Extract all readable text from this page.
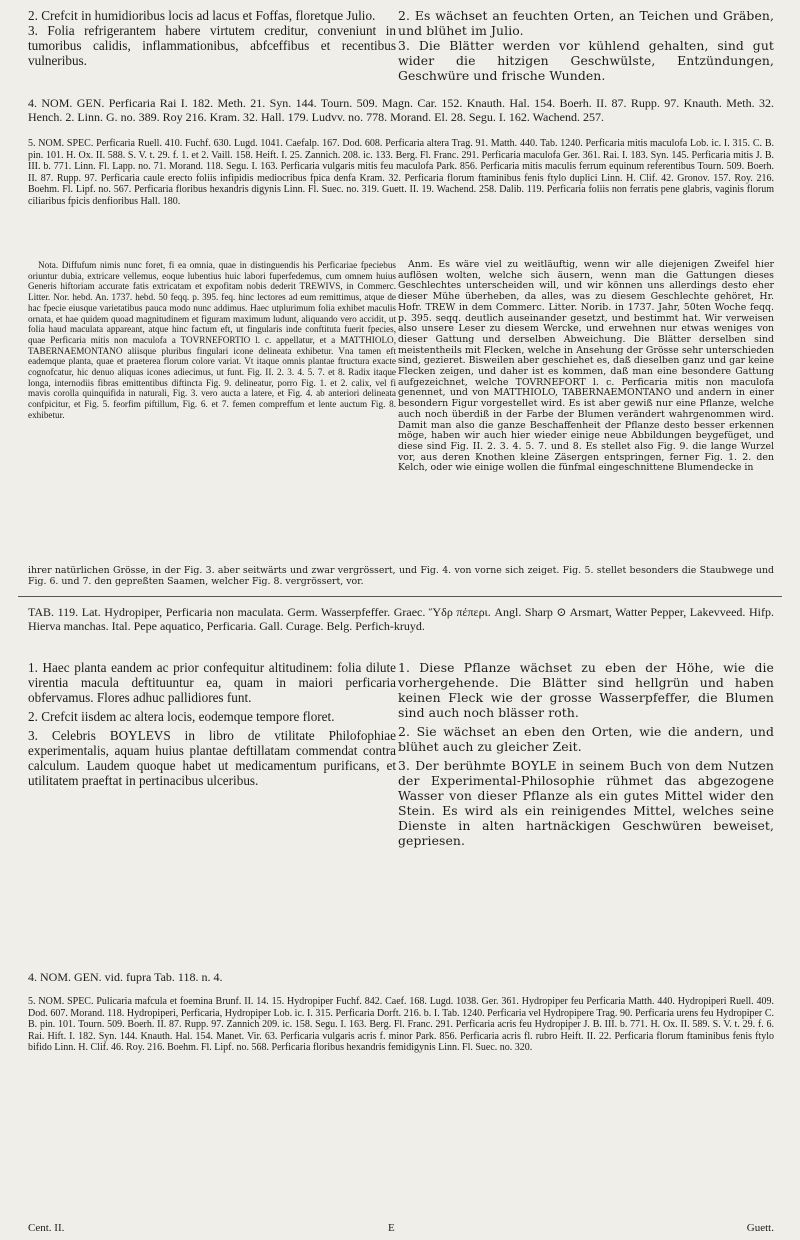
2. Crefcit in humidioribus locis ad lacus et Foffas, floretque Julio.

3. Folia refrigerantem habere virtutem creditur, conveniunt in tumoribus calidis, inflammationibus, abfceffibus et recentibus vulneribus.

2. Es wächset an feuchten Orten, an Teichen und Gräben, und blühet im Julio.

3. Die Blätter werden vor kühlend gehalten, sind gut wider die hitzigen Geschwülste, Entzündungen, Geschwüre und frische Wunden.

4. NOM. GEN. Perficaria Rai I. 182. Meth. 21. Syn. 144. Tourn. 509. Magn. Car. 152. Knauth. Hal. 154. Boerh. II. 87. Rupp. 97. Knauth. Meth. 32. Hench. 2. Linn. G. no. 389. Roy 216. Kram. 32. Hall. 179. Ludvv. no. 778. Morand. El. 28. Segu. I. 162. Wachend. 257.

5. NOM. SPEC. Perficaria Ruell. 410. Fuchf. 630. Lugd. 1041. Caefalp. 167. Dod. 608. Perficaria altera Trag. 91. Matth. 440. Tab. 1240. Perficaria mitis maculofa Lob. ic. I. 315. C. B. pin. 101. H. Ox. II. 588. S. V. t. 29. f. 1. et 2. Vaill. 158. Heift. I. 25. Zannich. 208. ic. 133. Berg. Fl. Franc. 291. Perficaria maculofa Ger. 361. Rai. I. 183. Syn. 145. Perficaria mitis J. B. III. b. 771. Linn. Fl. Lapp. no. 71. Morand. 118. Segu. I. 163. Perficaria vulgaris mitis feu maculofa Park. 856. Perficaria mitis maculis ferrum equinum referentibus Tourn. 509. Boerh. II. 87. Rupp. 97. Perficaria caule erecto foliis infipidis mediocribus fpica denfa Kram. 32. Perficaria florum ftaminibus fenis ftylo duplici Linn. H. Clif. 42. Gronov. 157. Roy. 216. Boehm. Fl. Lipf. no. 567. Perficaria floribus hexandris digynis Linn. Fl. Suec. no. 319. Guett. II. 19. Wachend. 258. Dalib. 119. Perficaria foliis non ferratis pene glabris, vaginis florum ciliaribus fpicis denfioribus Hall. 180.

Nota. Diffufum nimis nunc foret, fi ea omnia, quae in distinguendis his Perficariae fpeciebus oriuntur dubia, extricare vellemus, eoque lubentius huic labori fuperfedemus, cum omnem huius Generis hiftoriam accurate fatis extricatam et expofitam nobis dederit TREWIVS, in Commerc. Litter. Nor. hebd. An. 1737. hebd. 50 feqq. p. 395. feq. hinc lectores ad eum remittimus, atque de hac fpecie eiusque varietatibus pauca modo nunc addimus. Haec utplurimum folia exhibet maculis ornata, et hae quidem quoad magnitudinem et figuram maximum ludunt, aliquando vero accidit, ut folia haud maculata appareant, atque hinc factum eft, ut fingularis inde conftituta fuerit fpecies, quae Perficaria mitis non maculofa a TOVRNEFORTIO l. c. appellatur, et a MATTHIOLO, TABERNAEMONTANO aliisque pluribus fingulari icone delineata exhibetur. Vna tamen eft eademque planta, quae et praeterea florum colore variat. Vt itaque omnis plantae ftructura exacte cognofcatur, hic denuo aliquas icones adiecimus, ut funt. Fig. II. 2. 3. 4. 5. 7. et 8. Radix itaque longa, internodiis fibras emittentibus diftincta Fig. 9. delineatur, porro Fig. 1. et 2. calix, vel fi mavis corolla quinquifida in naturali, Fig. 3. vero aucta a latere, et Fig. 4. ab anteriori delineata confpicitur, et Fig. 5. feorfim piftillum, Fig. 6. et 7. femen compreffum et lente auctum Fig. 8. exhibetur.

Anm. Es wäre viel zu weitläuftig, wenn wir alle diejenigen Zweifel hier auflösen wolten, welche sich äusern, wenn man die Gattungen dieses Geschlechtes unterscheiden will, und wir können uns allerdings desto eher dieser Mühe überheben, da alles, was zu diesem Geschlechte gehöret, Hr. Hofr. TREW in dem Commerc. Litter. Norib. in 1737. Jahr, 50ten Woche feqq. p. 395. seqq. deutlich auseinander gesetzt, und bestimmt hat. Wir verweisen also unsere Leser zu diesem Wercke, und erwehnen nur etwas weniges von dieser Gattung und derselben Abweichung. Die Blätter derselben sind meistentheils mit Flecken, welche in Ansehung der Grösse sehr unterschieden sind, gezieret. Bisweilen aber geschiehet es, daß dieselben ganz und gar keine Flecken zeigen, und daher ist es kommen, daß man eine besondere Gattung aufgezeichnet, welche TOVRNEFORT l. c. Perficaria mitis non maculofa genennet, und von MATTHIOLO, TABERNAEMONTANO und andern in einer besondern Figur vorgestellet wird. Es ist aber gewiß nur eine Pflanze, welche auch noch überdiß in der Farbe der Blumen verändert wahrgenommen wird. Damit man also die ganze Beschaffenheit der Pflanze desto besser erkennen möge, haben wir auch hier wieder einige neue Abbildungen beygefüget, und diese sind Fig. II. 2. 3. 4. 5. 7. und 8. Es stellet also Fig. 9. die lange Wurzel vor, aus deren Knothen kleine Zäsergen entspringen, ferner Fig. 1. 2. den Kelch, oder wie einige wollen die fünfmal eingeschnittene Blumendecke in

ihrer natürlichen Grösse, in der Fig. 3. aber seitwärts und zwar vergrössert, und Fig. 4. von vorne sich zeiget. Fig. 5. stellet besonders die Staubwege und Fig. 6. und 7. den gepreßten Saamen, welcher Fig. 8. vergrössert, vor.

TAB. 119. Lat. Hydropiper, Perficaria non maculata. Germ. Wasserpfeffer. Graec. Ὕδρ πέπερι. Angl. Sharp ⊙ Arsmart, Watter Pepper, Lakevveed. Hifp. Hierva manchas. Ital. Pepe aquatico, Perficaria. Gall. Curage. Belg. Perfich-kruyd.

1. Haec planta eandem ac prior confequitur altitudinem: folia dilute virentia macula deftituuntur ea, quam in maiori perficaria obfervamus. Flores adhuc pallidiores funt.

2. Crefcit iisdem ac altera locis, eodemque tempore floret.

3. Celebris BOYLEVS in libro de vtilitate Philofophiae experimentalis, aquam huius plantae deftillatam commendat contra calculum. Laudem quoque habet ut medicamentum purificans, et utilitatem praeftat in pertinacibus ulceribus.

1. Diese Pflanze wächset zu eben der Höhe, wie die vorhergehende. Die Blätter sind hellgrün und haben keinen Fleck wie der grosse Wasserpfeffer, die Blumen sind auch noch blässer roth.

2. Sie wächset an eben den Orten, wie die andern, und blühet auch zu gleicher Zeit.

3. Der berühmte BOYLE in seinem Buch von dem Nutzen der Experimental-Philosophie rühmet das abgezogene Wasser von dieser Pflanze als ein gutes Mittel wider den Stein. Es wird als ein reinigendes Mittel, welches seine Dienste in alten hartnäckigen Geschwüren beweiset, gepriesen.

4. NOM. GEN. vid. fupra Tab. 118. n. 4.

5. NOM. SPEC. Pulicaria mafcula et foemina Brunf. II. 14. 15. Hydropiper Fuchf. 842. Caef. 168. Lugd. 1038. Ger. 361. Hydropiper feu Perficaria Matth. 440. Hydropiperi Ruell. 409. Dod. 607. Morand. 118. Hydropiperi, Perficaria, Hydropiper Lob. ic. I. 315. Perficaria Dorft. 216. b. I. Tab. 1240. Perficaria vel Hydropipere Trag. 90. Perficaria urens feu Hydropiper C. B. pin. 101. Tourn. 509. Boerh. II. 87. Rupp. 97. Zannich 209. ic. 158. Segu. I. 163. Berg. Fl. Franc. 291. Perficaria acris feu Hydropiper J. B. III. b. 771. H. Ox. II. 589. S. V. t. 29. f. 6. Rai. Hift. I. 182. Syn. 144. Knauth. Hal. 154. Manet. Vir. 63. Perficaria vulgaris acris f. minor Park. 856. Perficaria acris fl. rubro Heift. II. 22. Perficaria florum ftaminibus fenis ftylo bifido Linn. H. Clif. 46. Roy. 216. Boehm. Fl. Lipf. no. 568. Perficaria floribus hexandris femidigynis Linn. Fl. Suec. no. 320.

Cent. II.	E	Guett.
